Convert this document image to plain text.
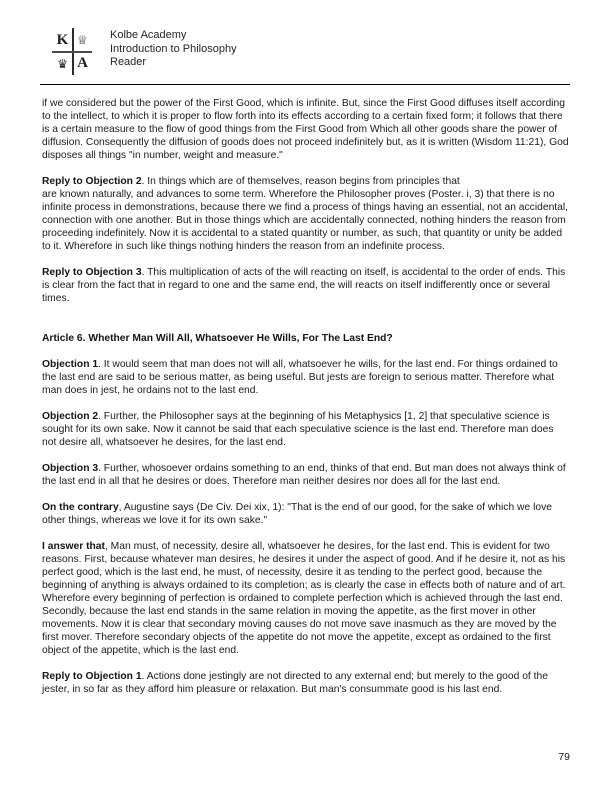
K ♕
♛ A
Kolbe Academy
Introduction to Philosophy
Reader

if we considered but the power of the First Good, which is infinite. But, since the First Good diffuses itself according to the intellect, to which it is proper to flow forth into its effects according to a certain fixed form; it follows that there is a certain measure to the flow of good things from the First Good from Which all other goods share the power of diffusion. Consequently the diffusion of goods does not proceed indefinitely but, as it is written (Wisdom 11:21), God disposes all things "in number, weight and measure."

Reply to Objection 2. In things which are of themselves, reason begins from principles that
are known naturally, and advances to some term. Wherefore the Philosopher proves (Poster. i, 3) that there is no infinite process in demonstrations, because there we find a process of things having an essential, not an accidental, connection with one another. But in those things which are accidentally connected, nothing hinders the reason from proceeding indefinitely. Now it is accidental to a stated quantity or number, as such, that quantity or unity be added to it. Wherefore in such like things nothing hinders the reason from an indefinite process.

Reply to Objection 3. This multiplication of acts of the will reacting on itself, is accidental to the order of ends. This is clear from the fact that in regard to one and the same end, the will reacts on itself indifferently once or several times.

Article 6. Whether Man Will All, Whatsoever He Wills, For The Last End?

Objection 1. It would seem that man does not will all, whatsoever he wills, for the last end. For things ordained to the last end are said to be serious matter, as being useful. But jests are foreign to serious matter. Therefore what man does in jest, he ordains not to the last end.

Objection 2. Further, the Philosopher says at the beginning of his Metaphysics [1, 2] that speculative science is sought for its own sake. Now it cannot be said that each speculative science is the last end. Therefore man does not desire all, whatsoever he desires, for the last end.

Objection 3. Further, whosoever ordains something to an end, thinks of that end. But man does not always think of the last end in all that he desires or does. Therefore man neither desires nor does all for the last end.

On the contrary, Augustine says (De Civ. Dei xix, 1): "That is the end of our good, for the sake of which we love other things, whereas we love it for its own sake."

I answer that, Man must, of necessity, desire all, whatsoever he desires, for the last end. This is evident for two reasons. First, because whatever man desires, he desires it under the aspect of good. And if he desire it, not as his perfect good, which is the last end, he must, of necessity, desire it as tending to the perfect good, because the beginning of anything is always ordained to its completion; as is clearly the case in effects both of nature and of art. Wherefore every beginning of perfection is ordained to complete perfection which is achieved through the last end. Secondly, because the last end stands in the same relation in moving the appetite, as the first mover in other movements. Now it is clear that secondary moving causes do not move save inasmuch as they are moved by the first mover. Therefore secondary objects of the appetite do not move the appetite, except as ordained to the first object of the appetite, which is the last end.

Reply to Objection 1. Actions done jestingly are not directed to any external end; but merely to the good of the jester, in so far as they afford him pleasure or relaxation. But man's consummate good is his last end.

79
